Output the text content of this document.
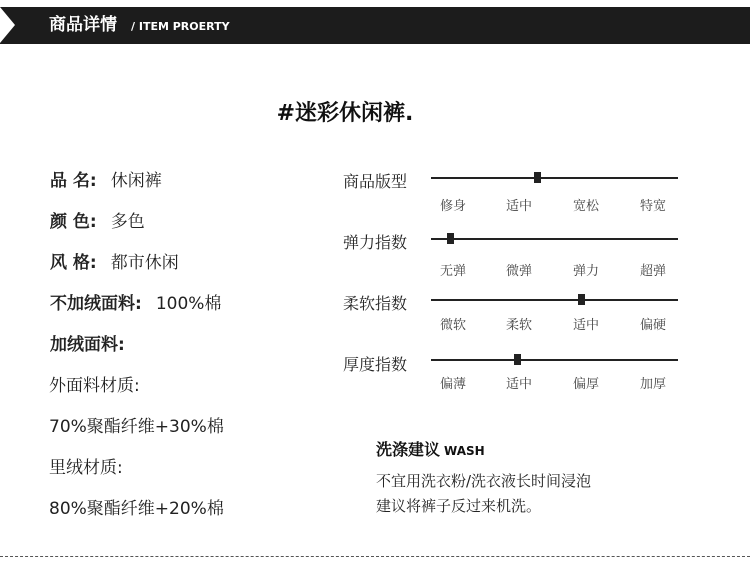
商品详情 / ITEM PROERTY
#迷彩休闲裤.
品 名: 休闲裤
颜 色: 多色
风 格: 都市休闲
不加绒面料: 100%棉
加绒面料:
外面料材质:
70%聚酯纤维+30%棉
里绒材质:
80%聚酯纤维+20%棉
商品版型
修身	适中	宽松	特宽
弹力指数
无弹	微弹	弹力	超弹
柔软指数
微软	柔软	适中	偏硬
厚度指数
偏薄	适中	偏厚	加厚
洗涤建议 WASH
不宜用洗衣粉/洗衣液长时间浸泡
建议将裤子反过来机洗。
